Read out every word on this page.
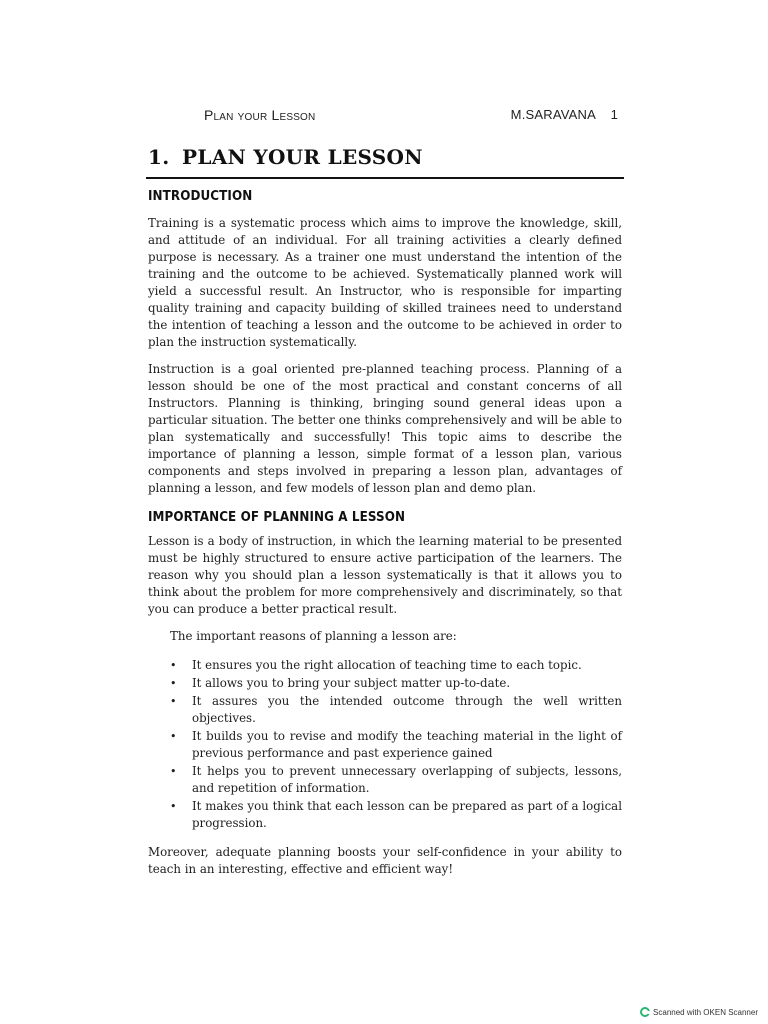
Plan your Lesson	M.SARAVANA 1
1. PLAN YOUR LESSON
INTRODUCTION

Training is a systematic process which aims to improve the knowledge, skill, and attitude of an individual. For all training activities a clearly defined purpose is necessary. As a trainer one must understand the intention of the training and the outcome to be achieved. Systematically planned work will yield a successful result. An Instructor, who is responsible for imparting quality training and capacity building of skilled trainees need to understand the intention of teaching a lesson and the outcome to be achieved in order to plan the instruction systematically.

Instruction is a goal oriented pre-planned teaching process. Planning of a lesson should be one of the most practical and constant concerns of all Instructors. Planning is thinking, bringing sound general ideas upon a particular situation. The better one thinks comprehensively and will be able to plan systematically and successfully! This topic aims to describe the importance of planning a lesson, simple format of a lesson plan, various components and steps involved in preparing a lesson plan, advantages of planning a lesson, and few models of lesson plan and demo plan.

IMPORTANCE OF PLANNING A LESSON

Lesson is a body of instruction, in which the learning material to be presented must be highly structured to ensure active participation of the learners. The reason why you should plan a lesson systematically is that it allows you to think about the problem for more comprehensively and discriminately, so that you can produce a better practical result.

The important reasons of planning a lesson are:

• It ensures you the right allocation of teaching time to each topic.
• It allows you to bring your subject matter up-to-date.
• It assures you the intended outcome through the well written objectives.
• It builds you to revise and modify the teaching material in the light of previous performance and past experience gained
• It helps you to prevent unnecessary overlapping of subjects, lessons, and repetition of information.
• It makes you think that each lesson can be prepared as part of a logical progression.

Moreover, adequate planning boosts your self-confidence in your ability to teach in an interesting, effective and efficient way!

Scanned with OKEN Scanner
